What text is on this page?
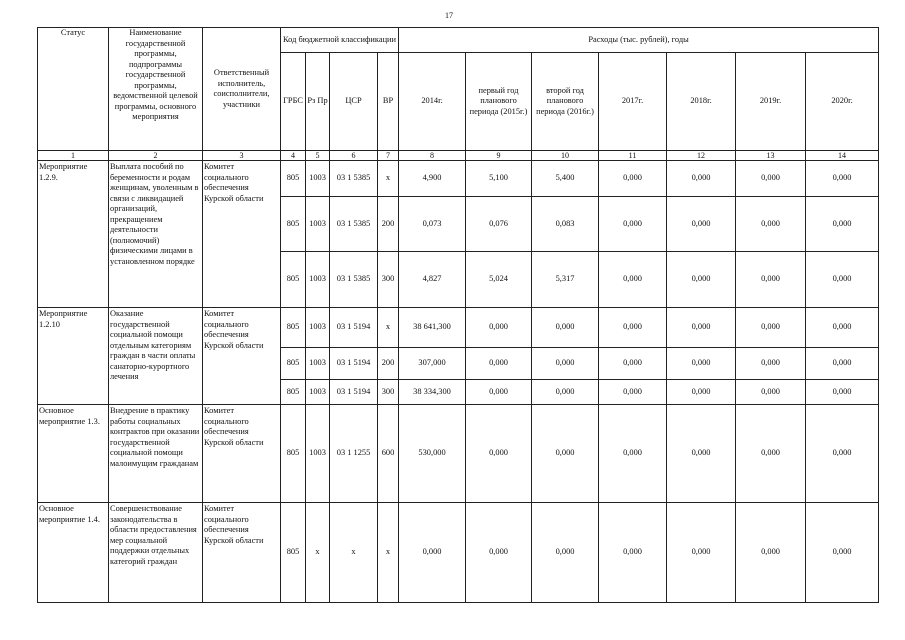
17
Статус	Наименование государственной программы, подпрограммы государственной программы, ведомственной целевой программы, основного мероприятия	Ответственный исполнитель, соисполнители, участники	Код бюджетной классификации				Расходы (тыс. рублей), годы						
			ГРБС	Рз Пр	ЦСР	ВР	2014г.	первый год планового периода (2015г.)	второй год планового периода (2016г.)	2017г.	2018г.	2019г.	2020г.
1	2	3	4	5	6	7	8	9	10	11	12	13	14
Мероприятие 1.2.9.	Выплата пособий по беременности и родам женщинам, уволенным в связи с ликвидацией организаций, прекращением деятельности (полномочий) физическими лицами в установленном порядке	Комитет социального обеспечения Курской области	805	1003	03 1 5385	х	4,900	5,100	5,400	0,000	0,000	0,000	0,000
			805	1003	03 1 5385	200	0,073	0,076	0,083	0,000	0,000	0,000	0,000
			805	1003	03 1 5385	300	4,827	5,024	5,317	0,000	0,000	0,000	0,000
Мероприятие 1.2.10	Оказание государственной социальной помощи отдельным категориям граждан в части оплаты санаторно-курортного лечения	Комитет социального обеспечения Курской области	805	1003	03 1 5194	х	38 641,300	0,000	0,000	0,000	0,000	0,000	0,000
			805	1003	03 1 5194	200	307,000	0,000	0,000	0,000	0,000	0,000	0,000
			805	1003	03 1 5194	300	38 334,300	0,000	0,000	0,000	0,000	0,000	0,000
Основное мероприятие 1.3.	Внедрение в практику работы социальных контрактов при оказании государственной социальной помощи малоимущим гражданам	Комитет социального обеспечения Курской области	805	1003	03 1 1255	600	530,000	0,000	0,000	0,000	0,000	0,000	0,000
Основное мероприятие 1.4.	Совершенствование законодательства в области предоставления мер социальной поддержки отдельных категорий граждан	Комитет социального обеспечения Курской области	805	х	х	х	0,000	0,000	0,000	0,000	0,000	0,000	0,000
